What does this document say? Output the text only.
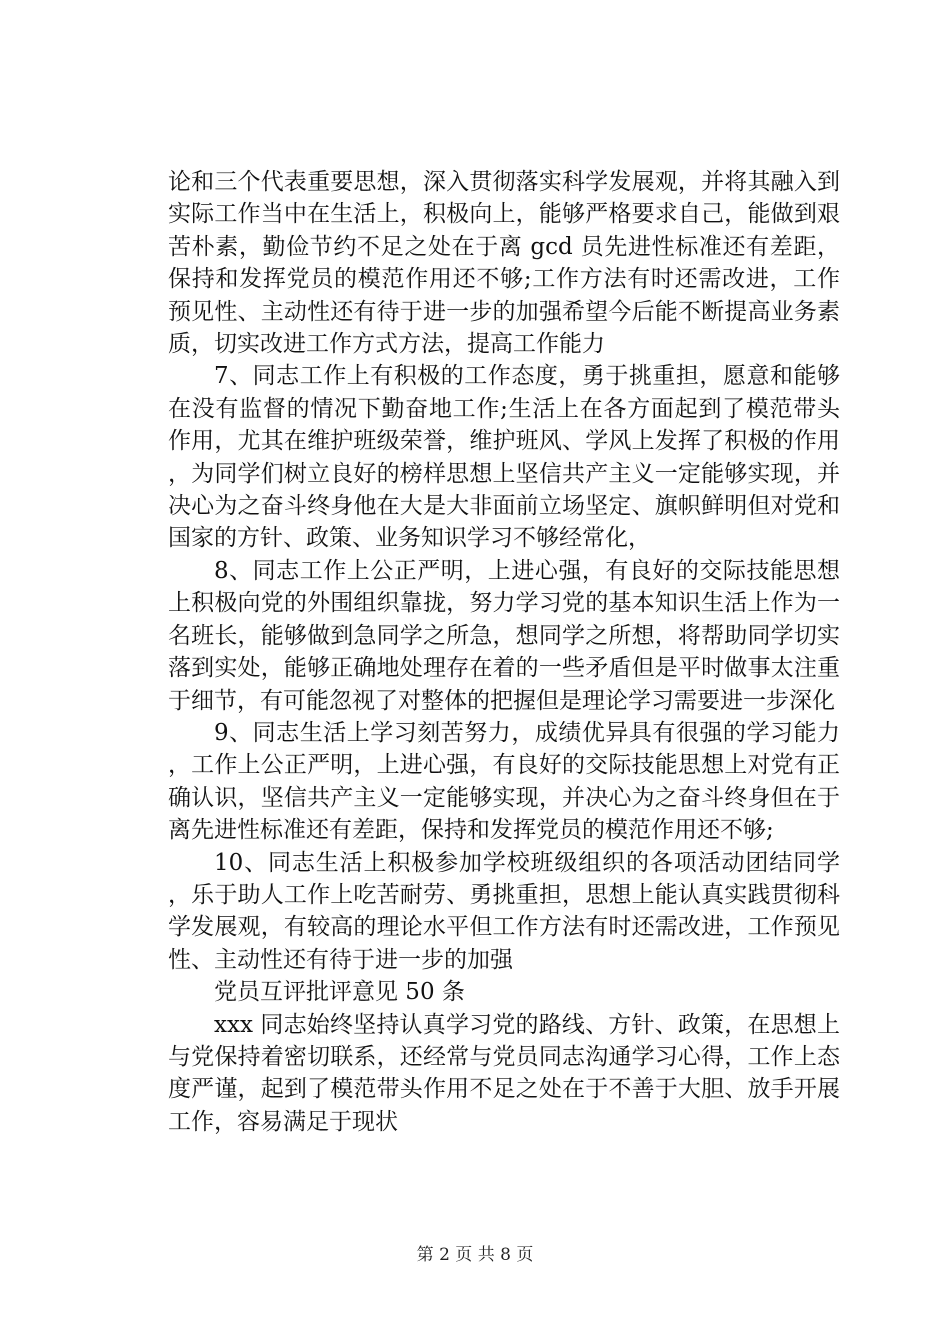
论和三个代表重要思想，深入贯彻落实科学发展观，并将其融入到实际工作当中在生活上，积极向上，能够严格要求自己，能做到艰苦朴素，勤俭节约不足之处在于离 gcd 员先进性标准还有差距，保持和发挥党员的模范作用还不够;工作方法有时还需改进，工作预见性、主动性还有待于进一步的加强希望今后能不断提高业务素质，切实改进工作方式方法，提高工作能力

7、同志工作上有积极的工作态度，勇于挑重担，愿意和能够在没有监督的情况下勤奋地工作;生活上在各方面起到了模范带头作用，尤其在维护班级荣誉，维护班风、学风上发挥了积极的作用，为同学们树立良好的榜样思想上坚信共产主义一定能够实现，并决心为之奋斗终身他在大是大非面前立场坚定、旗帜鲜明但对党和国家的方针、政策、业务知识学习不够经常化，

8、同志工作上公正严明，上进心强，有良好的交际技能思想上积极向党的外围组织靠拢，努力学习党的基本知识生活上作为一名班长，能够做到急同学之所急，想同学之所想，将帮助同学切实落到实处，能够正确地处理存在着的一些矛盾但是平时做事太注重于细节，有可能忽视了对整体的把握但是理论学习需要进一步深化

9、同志生活上学习刻苦努力，成绩优异具有很强的学习能力，工作上公正严明，上进心强，有良好的交际技能思想上对党有正确认识，坚信共产主义一定能够实现，并决心为之奋斗终身但在于离先进性标准还有差距，保持和发挥党员的模范作用还不够;

10、同志生活上积极参加学校班级组织的各项活动团结同学，乐于助人工作上吃苦耐劳、勇挑重担，思想上能认真实践贯彻科学发展观，有较高的理论水平但工作方法有时还需改进，工作预见性、主动性还有待于进一步的加强

党员互评批评意见 50 条

xxx 同志始终坚持认真学习党的路线、方针、政策，在思想上与党保持着密切联系，还经常与党员同志沟通学习心得，工作上态度严谨，起到了模范带头作用不足之处在于不善于大胆、放手开展工作，容易满足于现状

第 2 页 共 8 页
